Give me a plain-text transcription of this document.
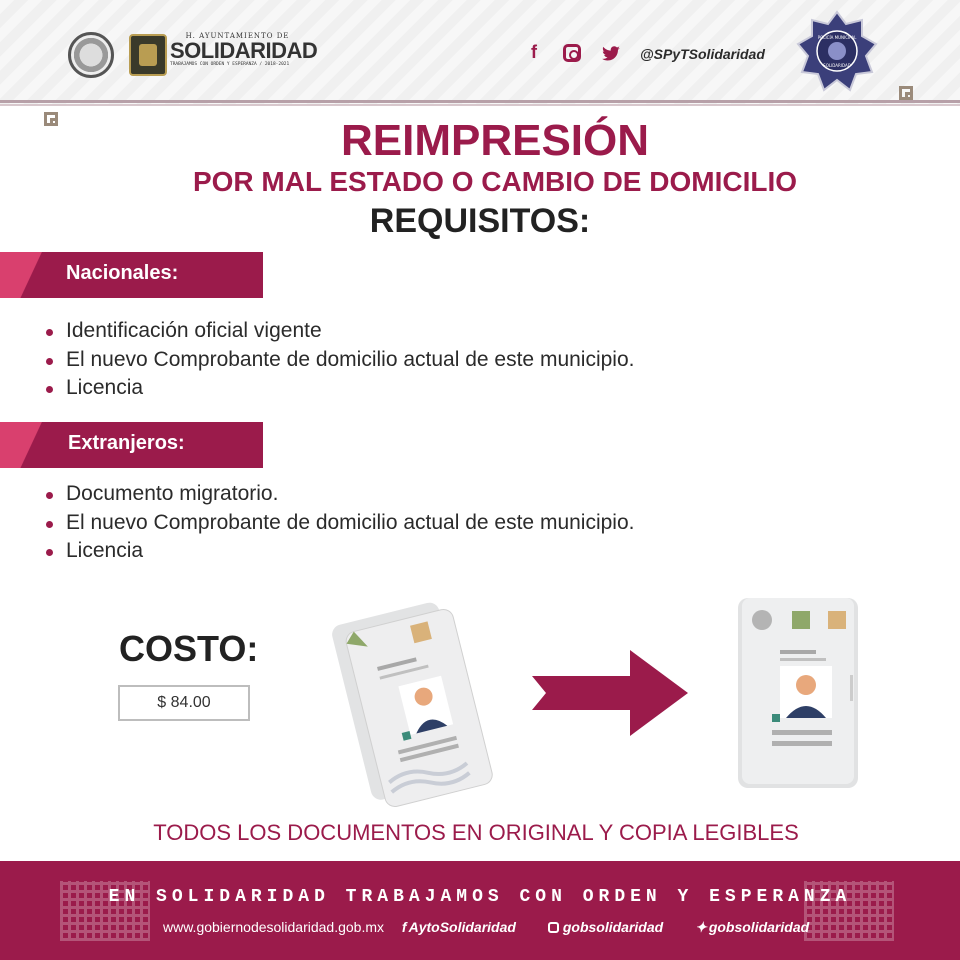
H. AYUNTAMIENTO DE
SOLIDARIDAD
TRABAJAMOS CON ORDEN Y ESPERANZA / 2018-2021
f	@SPyTSolidaridad
POLICÍA MUNICIPAL
SOLIDARIDAD
REIMPRESIÓN
POR MAL ESTADO O CAMBIO DE DOMICILIO
REQUISITOS:
Nacionales:
Identificación oficial vigente
El nuevo Comprobante de domicilio actual de este municipio.
Licencia
Extranjeros:
Documento migratorio.
El nuevo Comprobante de domicilio actual de este municipio.
Licencia
COSTO:
$ 84.00
TODOS LOS DOCUMENTOS EN ORIGINAL Y COPIA LEGIBLES
EN SOLIDARIDAD TRABAJAMOS CON ORDEN Y ESPERANZA
www.gobiernodesolidaridad.gob.mx f AytoSolidaridad	gobsolidaridad ✦ gobsolidaridad
